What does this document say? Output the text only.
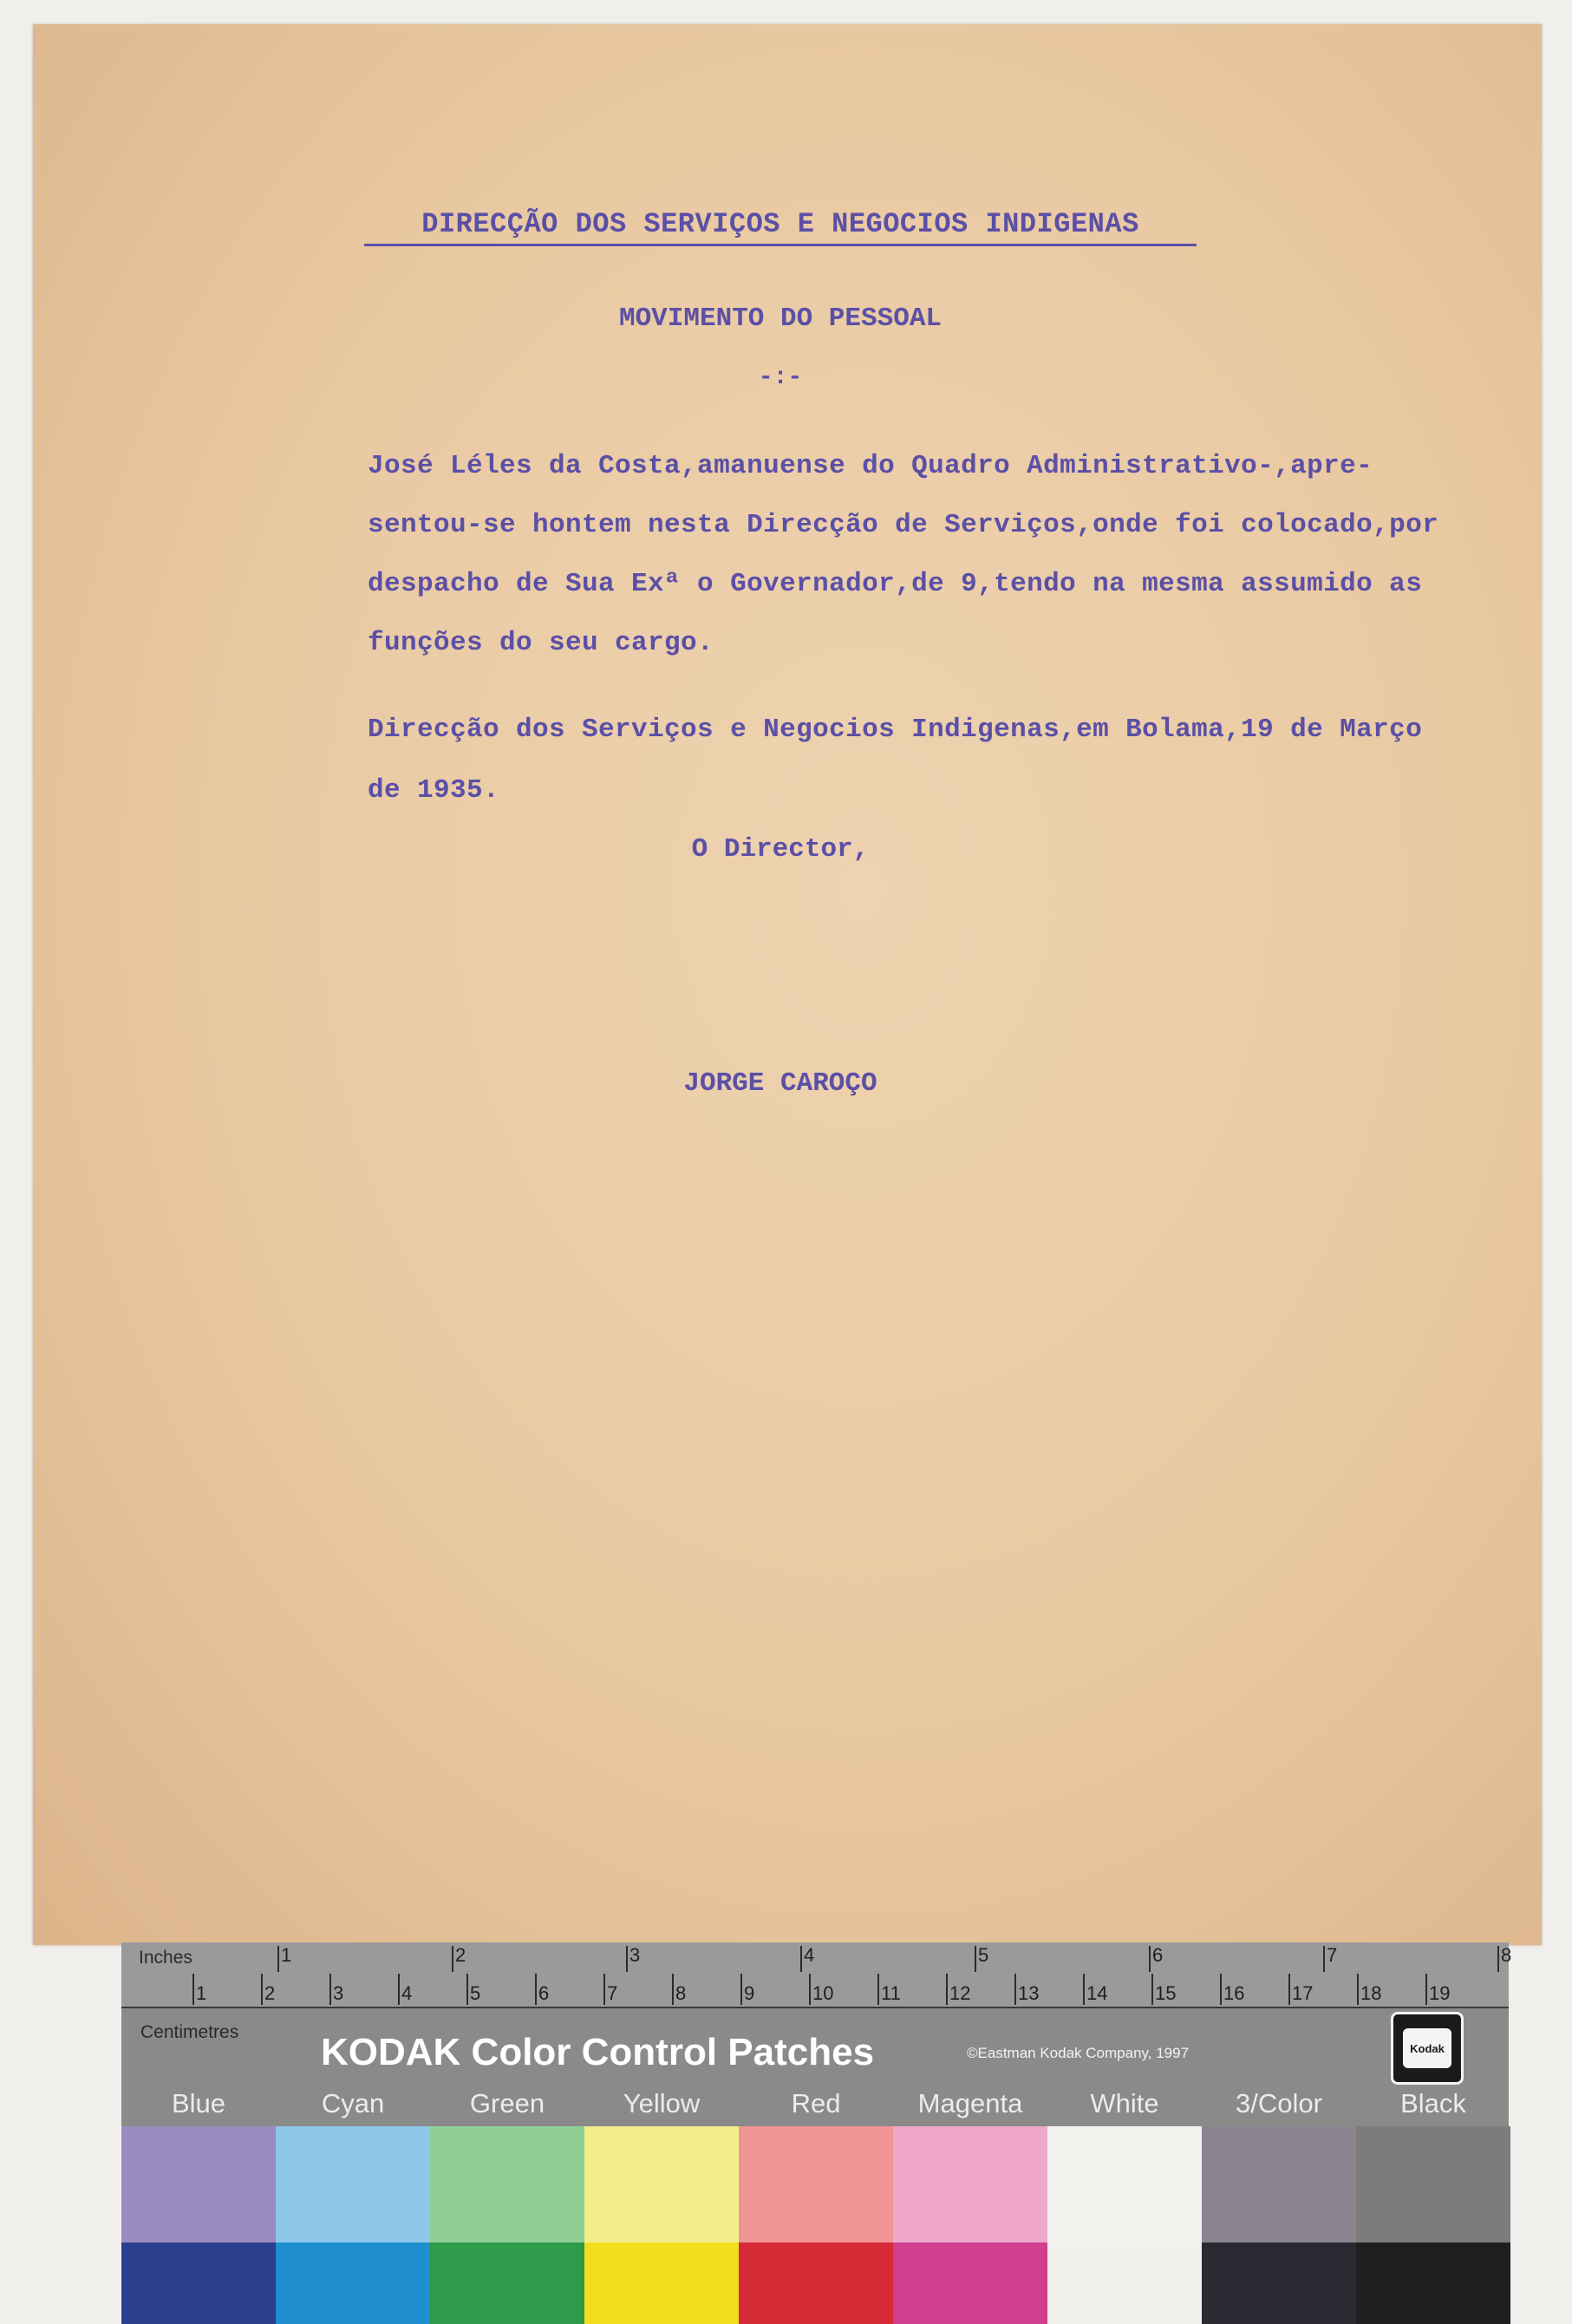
DIRECÇÃO DOS SERVIÇOS E NEGOCIOS INDIGENAS
MOVIMENTO DO PESSOAL
-:-
José Léles da Costa,amanuense do Quadro Administrativo-,apre-
sentou-se hontem nesta Direcção de Serviços,onde foi colocado,por
despacho de Sua Exª o Governador,de 9,tendo na mesma assumido as
funções do seu cargo.
Direcção dos Serviços e Negocios Indigenas,em Bolama,19 de Março
de 1935.
O Director,
JORGE CAROÇO
Inches	1	2	3	4	5	6	7	8
1	2	3	4	5	6	7	8	9	10 11	12 13 14 15 16 17 18 19
Centimetres KODAK Color Control Patches	©Eastman Kodak Company, 1997	Kodak
Blue	Cyan	Green	Yellow	Red	Magenta	White	3/Color	Black
